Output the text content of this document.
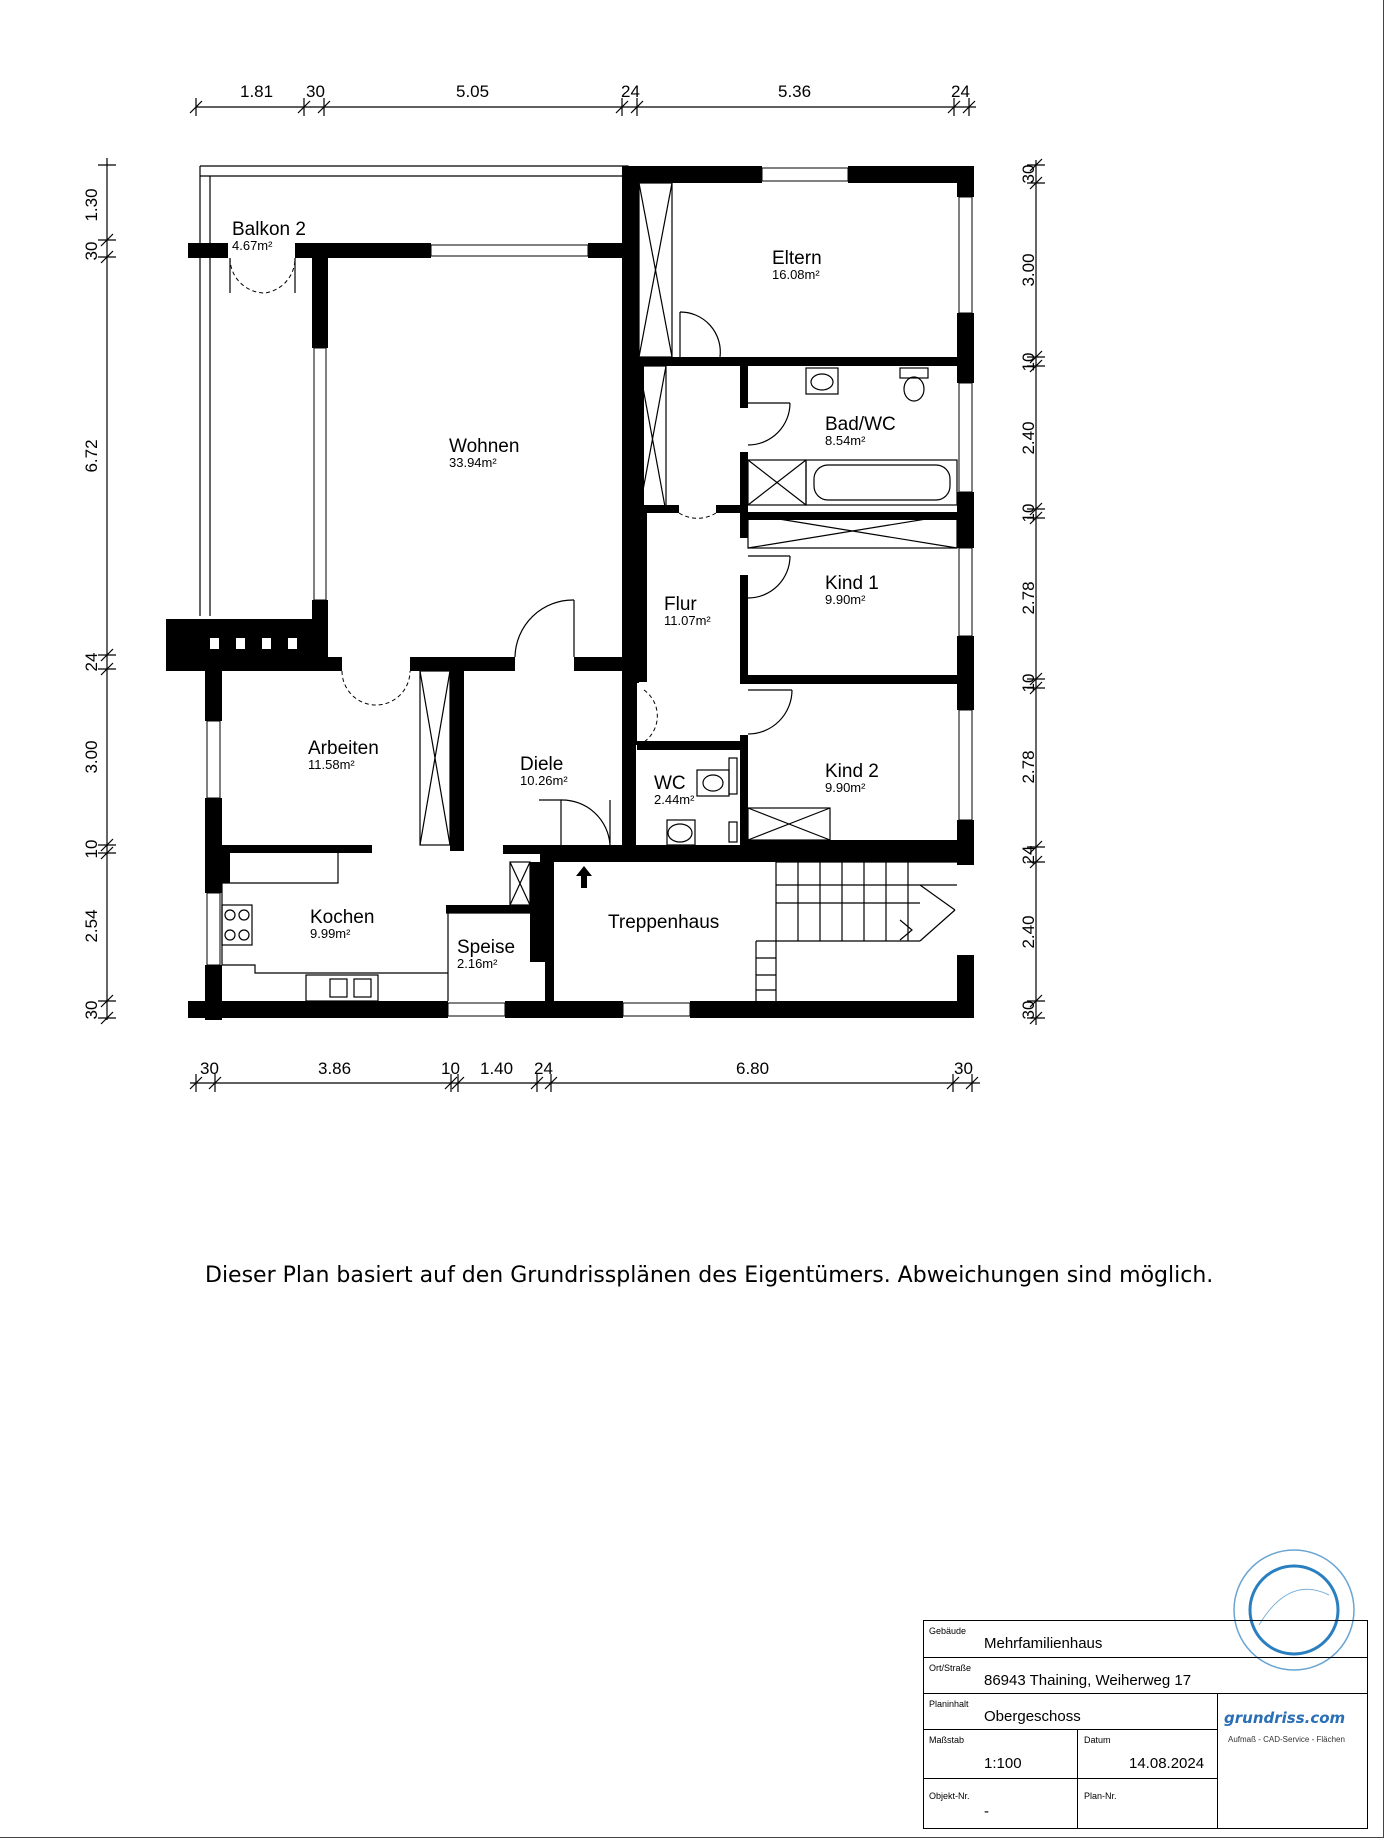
1.81 30	5.05	24	5.36	24
1.30
30
6.72
24
3.00
10
2.54
30
30
3.00
10
2.40
10
2.78
10
2.78
24
2.40
30
30	3.86	10 1.40 24	6.80	30
Balkon 2
4.67m²
Eltern
16.08m²
Wohnen
33.94m²
Bad/WC
8.54m²
Flur
11.07m²
Kind 1
9.90m²
Arbeiten
11.58m²	Diele
10.26m²	WC
2.44m²
Kind 2
9.90m²
Kochen
9.99m²
Speise
2.16m²
Treppenhaus
Dieser Plan basiert auf den Grundrissplänen des Eigentümers. Abweichungen sind möglich.
Gebäude
Mehrfamilienhaus
Ort/Straße
86943 Thaining, Weiherweg 17
Planinhalt
Obergeschoss
Maßstab
1:100
Datum
14.08.2024
Objekt-Nr.
-
Plan-Nr.
grundriss.com
Aufmaß - CAD-Service - Flächen
